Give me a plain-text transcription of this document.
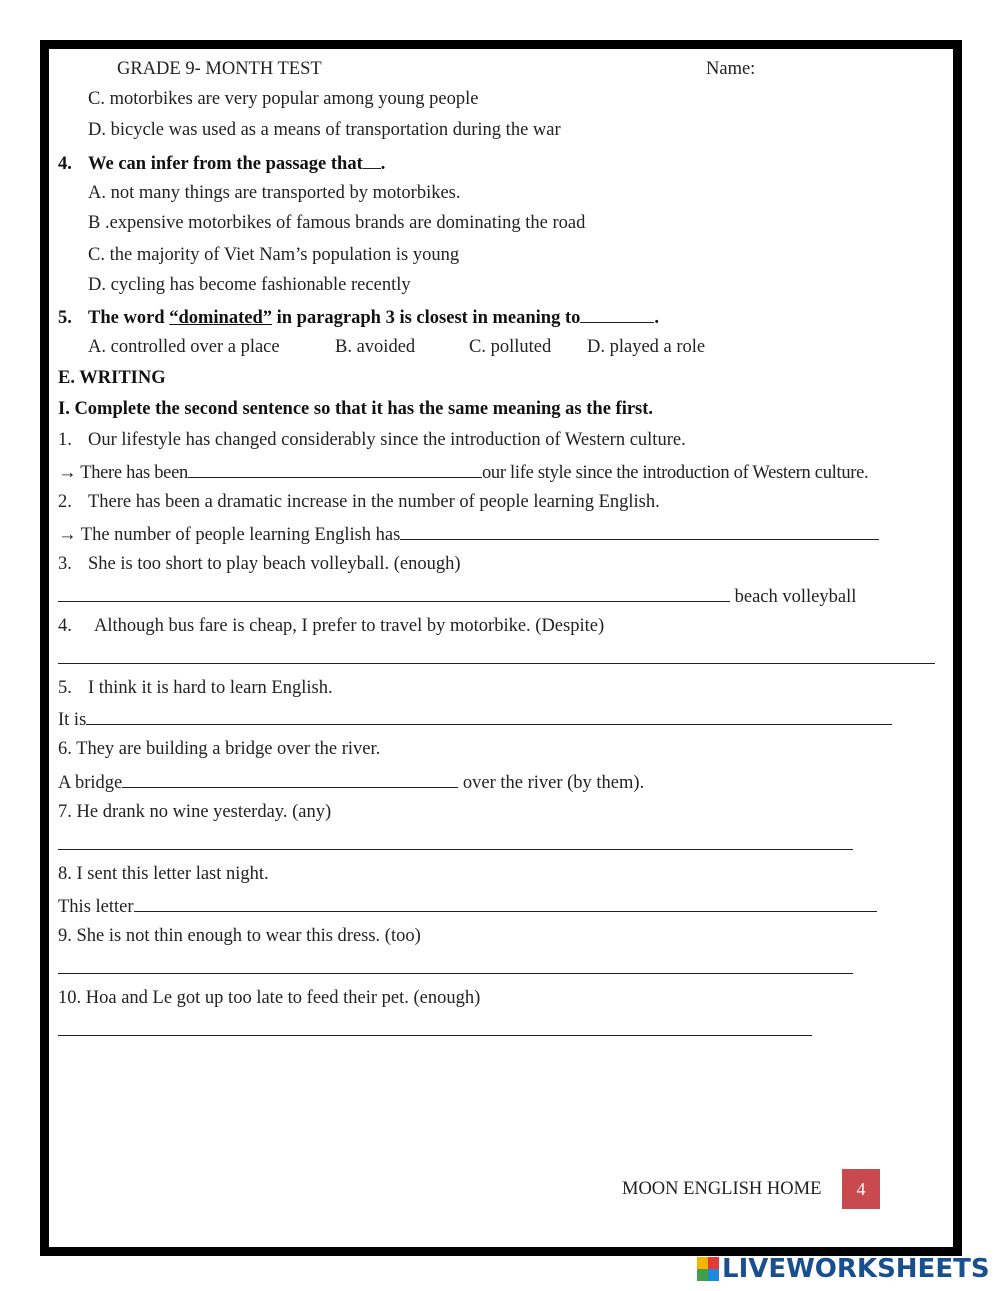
GRADE 9- MONTH TEST	Name:
C. motorbikes are very popular among young people
D. bicycle was used as a means of transportation during the war
4. We can infer from the passage that .
A. not many things are transported by motorbikes.
B .expensive motorbikes of famous brands are dominating the road
C. the majority of Viet Nam’s population is young
D. cycling has become fashionable recently
5. The word “dominated” in paragraph 3 is closest in meaning to	.
A. controlled over a place	B. avoided	C. polluted D. played a role
E. WRITING
I. Complete the second sentence so that it has the same meaning as the first.
1. Our lifestyle has changed considerably since the introduction of Western culture.
→ There has been	our life style since the introduction of Western culture.
2. There has been a dramatic increase in the number of people learning English.
→ The number of people learning English has
3. She is too short to play beach volleyball. (enough)
beach volleyball
4. Although bus fare is cheap, I prefer to travel by motorbike. (Despite)
5. I think it is hard to learn English.
It is
6. They are building a bridge over the river.
A bridge	over the river (by them).
7. He drank no wine yesterday. (any)
8. I sent this letter last night.
This letter
9. She is not thin enough to wear this dress. (too)
10. Hoa and Le got up too late to feed their pet. (enough)
MOON ENGLISH HOME	4
LIVEWORKSHEETS
